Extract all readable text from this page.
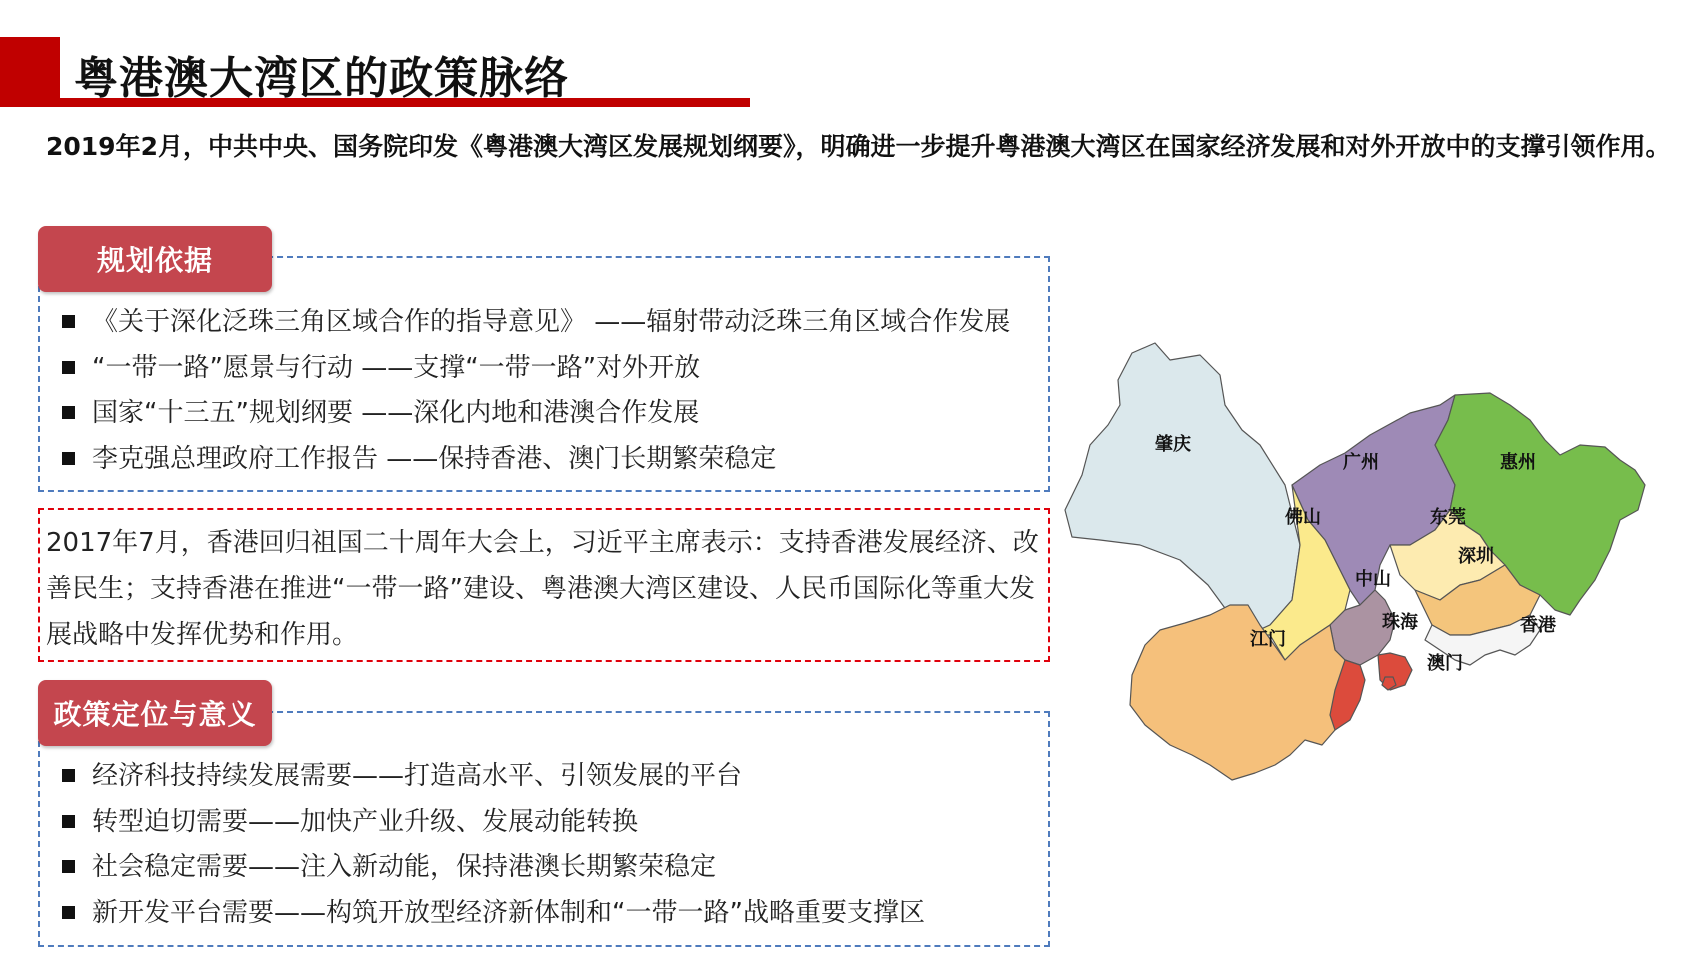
粤港澳大湾区的政策脉络

2019年2月，中共中央、国务院印发《粤港澳大湾区发展规划纲要》，明确进一步提升粤港澳大湾区在国家经济发展和对外开放中的支撑引领作用。

《关于深化泛珠三角区域合作的指导意见》 ——辐射带动泛珠三角区域合作发展
“一带一路”愿景与行动 ——支撑“一带一路”对外开放
国家“十三五”规划纲要 ——深化内地和港澳合作发展
李克强总理政府工作报告 ——保持香港、澳门长期繁荣稳定
规划依据

2017年7月，香港回归祖国二十周年大会上，习近平主席表示：支持香港发展经济、改善民生；支持香港在推进“一带一路”建设、粤港澳大湾区建设、人民币国际化等重大发展战略中发挥优势和作用。

经济科技持续发展需要——打造高水平、引领发展的平台
转型迫切需要——加快产业升级、发展动能转换
社会稳定需要——注入新动能，保持港澳长期繁荣稳定
新开发平台需要——构筑开放型经济新体制和“一带一路”战略重要支撑区
政策定位与意义
肇庆
广州	惠州
佛山	东莞
深圳
中山
江门
珠海
澳门
香港
